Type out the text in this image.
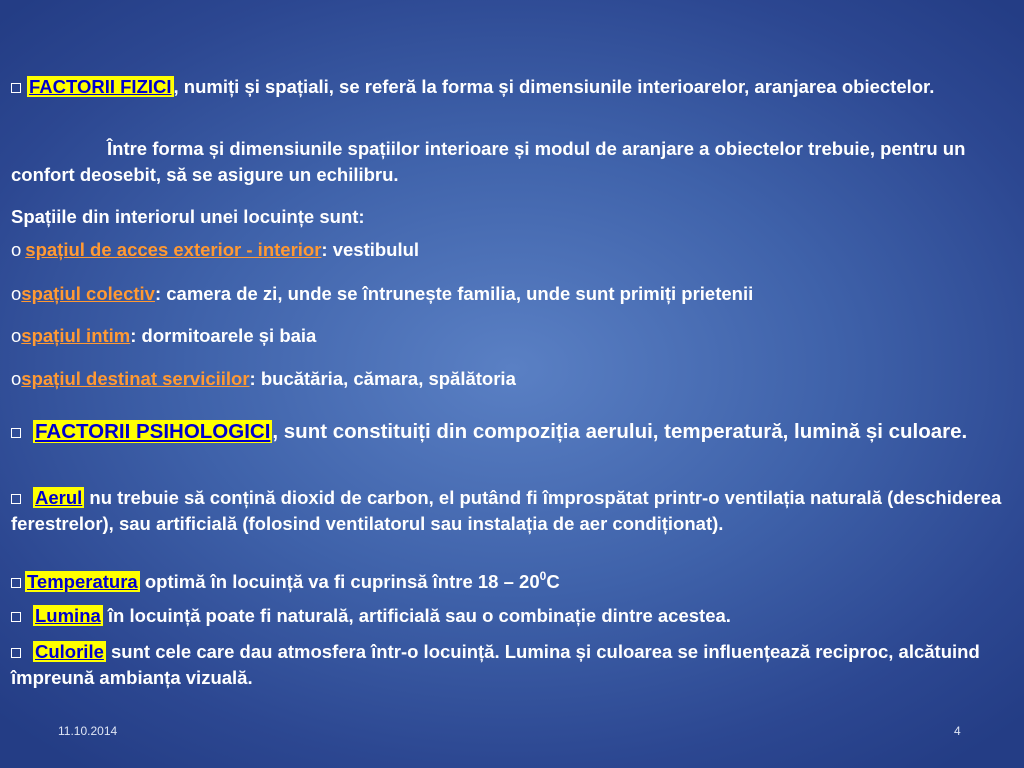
FACTORII FIZICI , numiți și spațiali, se referă la forma și dimensiunile interioarelor, aranjarea obiectelor.
Între forma și dimensiunile spațiilor interioare și modul de aranjare a obiectelor trebuie, pentru un confort deosebit, să se asigure un echilibru.
Spațiile din interiorul unei locuințe sunt:
o spațiul de acces exterior - interior: vestibulul
ospațiul colectiv: camera de zi, unde se întrunește familia, unde sunt primiți prietenii
ospațiul intim: dormitoarele și baia
ospațiul destinat serviciilor: bucătăria, cămara, spălătoria
FACTORII PSIHOLOGICI, sunt constituiți din compoziția aerului, temperatură, lumină și culoare.
Aerul nu trebuie să conțină dioxid de carbon, el putând fi împrospătat printr-o ventilația naturală (deschiderea ferestrelor), sau artificială (folosind ventilatorul sau instalația de aer condiționat).
Temperatura optimă în locuință va fi cuprinsă între $18 - 20^0C$
Lumina în locuință poate fi naturală, artificială sau o combinație dintre acestea.
Culorile sunt cele care dau atmosfera într-o locuință. Lumina și culoarea se influențează reciproc, alcătuind împreună ambianța vizuală.
11.10.2014	4
